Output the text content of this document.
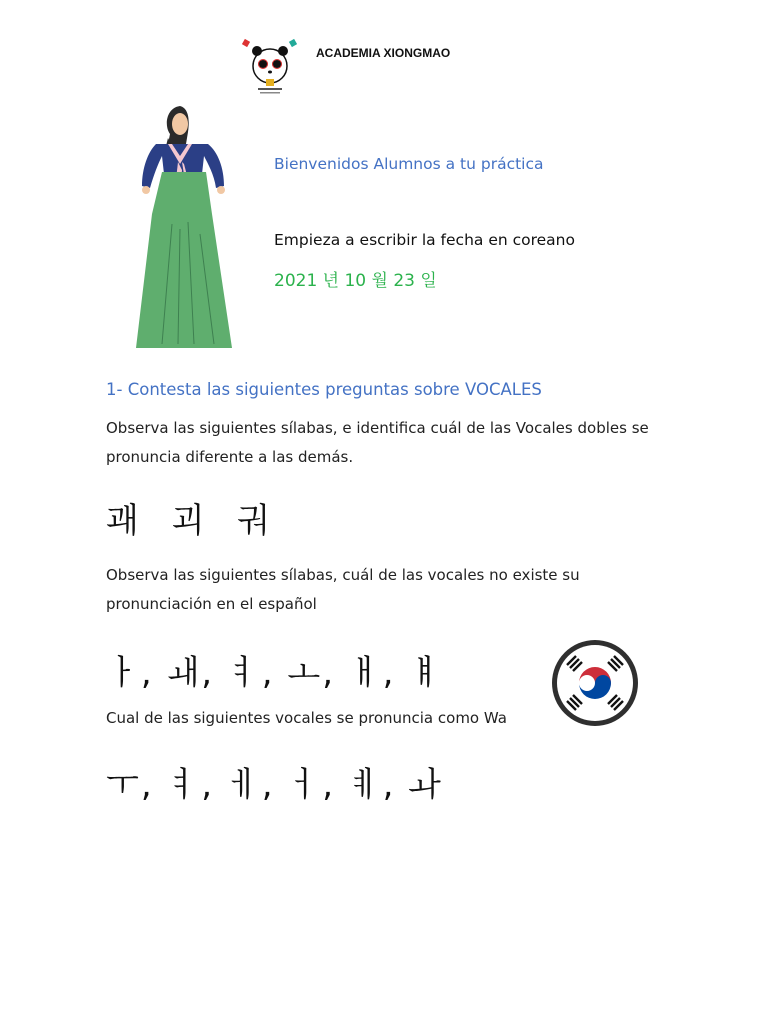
ACADEMIA XIONGMAO
Bienvenidos Alumnos a tu práctica
Empieza a escribir la fecha en coreano
2021 년 10 월 23 일
1- Contesta las siguientes preguntas sobre VOCALES
Observa las siguientes sílabas, e identifica cuál de las Vocales dobles se
pronuncia diferente a las demás.
괘 괴 궈
Observa las siguientes sílabas, cuál de las vocales no existe su
pronunciación en el español
ㅏ, ㅙ, ㅕ, ㅗ, ㅐ, ㅒ
Cual de las siguientes vocales se pronuncia como Wa
ㅜ, ㅕ, ㅔ, ㅓ, ㅖ, ㅘ
